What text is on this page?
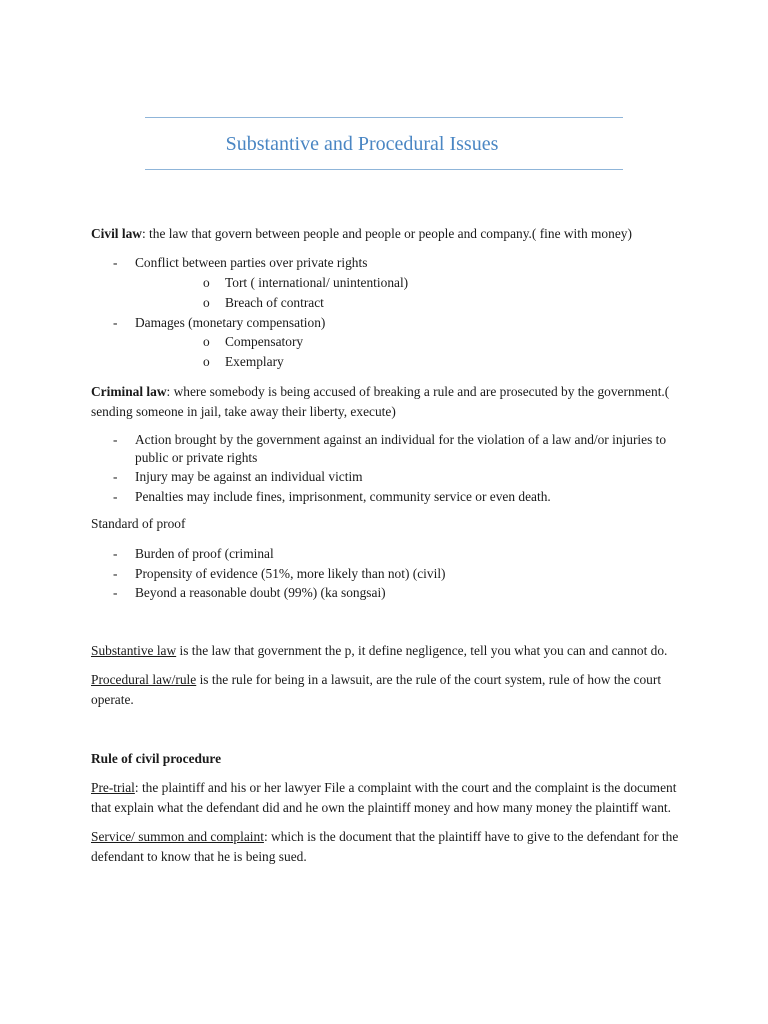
Substantive and Procedural Issues

Civil law: the law that govern between people and people or people and company.( fine with money)

- Conflict between parties over private rights
o Tort ( international/ unintentional)
o Breach of contract
- Damages (monetary compensation)
o Compensatory
o Exemplary

Criminal law: where somebody is being accused of breaking a rule and are prosecuted by the government.( sending someone in jail, take away their liberty, execute)

- Action brought by the government against an individual for the violation of a law and/or injuries to public or private rights
- Injury may be against an individual victim
- Penalties may include fines, imprisonment, community service or even death.

Standard of proof

- Burden of proof (criminal
- Propensity of evidence (51%, more likely than not) (civil)
- Beyond a reasonable doubt (99%) (ka songsai)

Substantive law is the law that government the p, it define negligence, tell you what you can and cannot do.

Procedural law/rule is the rule for being in a lawsuit, are the rule of the court system, rule of how the court operate.

Rule of civil procedure

Pre-trial: the plaintiff and his or her lawyer File a complaint with the court and the complaint is the document that explain what the defendant did and he own the plaintiff money and how many money the plaintiff want.

Service/ summon and complaint: which is the document that the plaintiff have to give to the defendant for the defendant to know that he is being sued.
